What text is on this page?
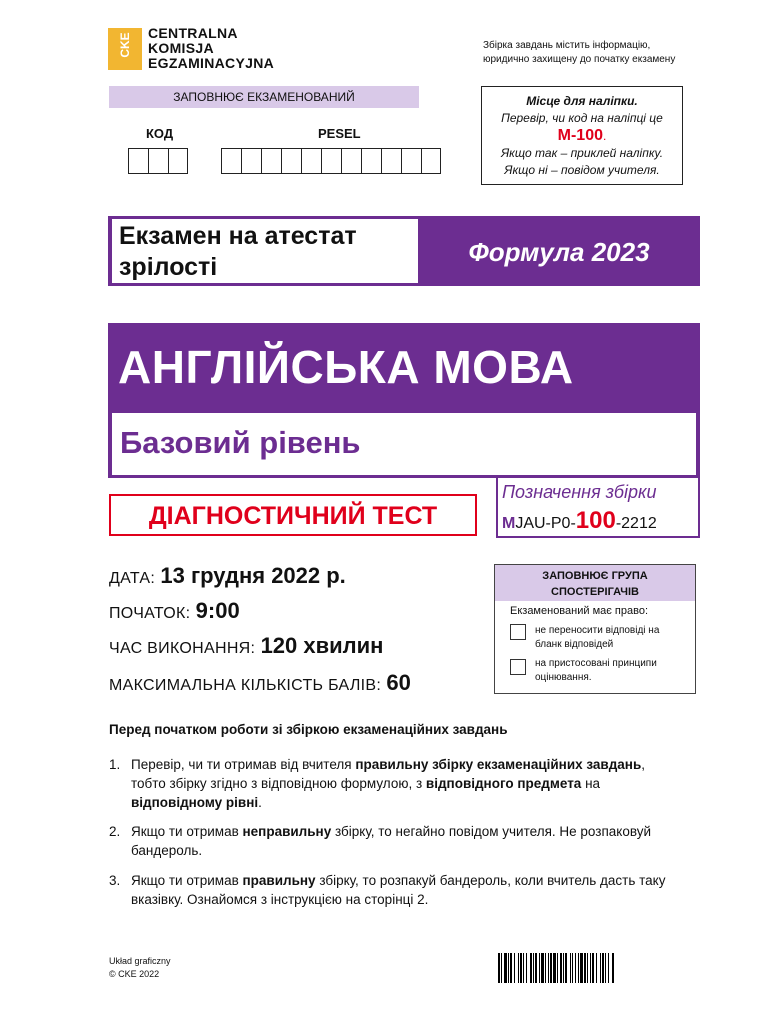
CKE CENTRALNA
KOMISJA
EGZAMINACYJNA
Збірка завдань містить інформацію,
юридично захищену до початку екзамену
ЗАПОВНЮЄ ЕКЗАМЕНОВАНИЙ
КОД	PESEL
Місце для наліпки.
Перевір, чи код на наліпці це
M-100.
Якщо так – приклей наліпку.
Якщо ні – повідом учителя.
Екзамен на атестат
зрілості	Формула 2023
АНГЛІЙСЬКА МОВА
Базовий рівень
ДІАГНОСТИЧНИЙ ТЕСТ
Позначення збірки
MJAU-P0-100-2212
ДАТА: 13 грудня 2022 р.
ПОЧАТОК: 9:00
ЧАС ВИКОНАННЯ: 120 хвилин
МАКСИМАЛЬНА КІЛЬКІСТЬ БАЛІВ: 60
ЗАПОВНЮЄ ГРУПА
СПОСТЕРІГАЧІВ
Екзаменований має право:
не переносити відповіді на
бланк відповідей
на пристосовані принципи
оцінювання.
Перед початком роботи зі збіркою екзаменаційних завдань
1. Перевір, чи ти отримав від вчителя правильну збірку екзаменаційних завдань, тобто збірку згідно з відповідною формулою, з відповідного предмета на відповідному рівні.
2. Якщо ти отримав неправильну збірку, то негайно повідом учителя. Не розпаковуй бандероль.
3. Якщо ти отримав правильну збірку, то розпакуй бандероль, коли вчитель дасть таку вказівку. Ознайомся з інструкцією на сторінці 2.
Układ graficzny
© CKE 2022
